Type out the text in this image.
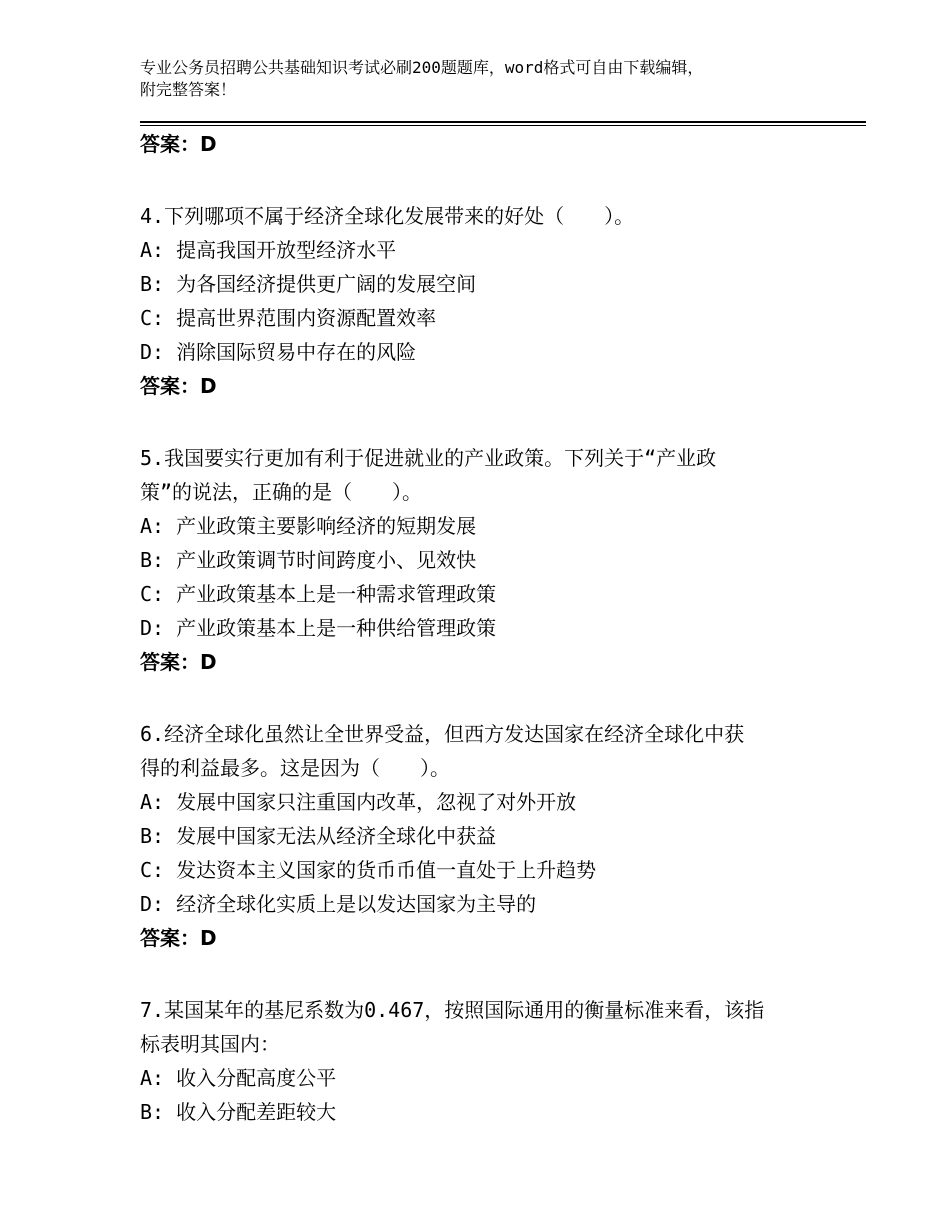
专业公务员招聘公共基础知识考试必刷200题题库，word格式可自由下载编辑，
附完整答案！
答案：D
4.下列哪项不属于经济全球化发展带来的好处（　　）。
A: 提高我国开放型经济水平
B: 为各国经济提供更广阔的发展空间
C: 提高世界范围内资源配置效率
D: 消除国际贸易中存在的风险
答案：D
5.我国要实行更加有利于促进就业的产业政策。下列关于“产业政
策”的说法，正确的是（　　）。
A: 产业政策主要影响经济的短期发展
B: 产业政策调节时间跨度小、见效快
C: 产业政策基本上是一种需求管理政策
D: 产业政策基本上是一种供给管理政策
答案：D
6.经济全球化虽然让全世界受益，但西方发达国家在经济全球化中获
得的利益最多。这是因为（　　）。
A: 发展中国家只注重国内改革，忽视了对外开放
B: 发展中国家无法从经济全球化中获益
C: 发达资本主义国家的货币币值一直处于上升趋势
D: 经济全球化实质上是以发达国家为主导的
答案：D
7.某国某年的基尼系数为0.467，按照国际通用的衡量标准来看，该指
标表明其国内：
A: 收入分配高度公平
B: 收入分配差距较大
